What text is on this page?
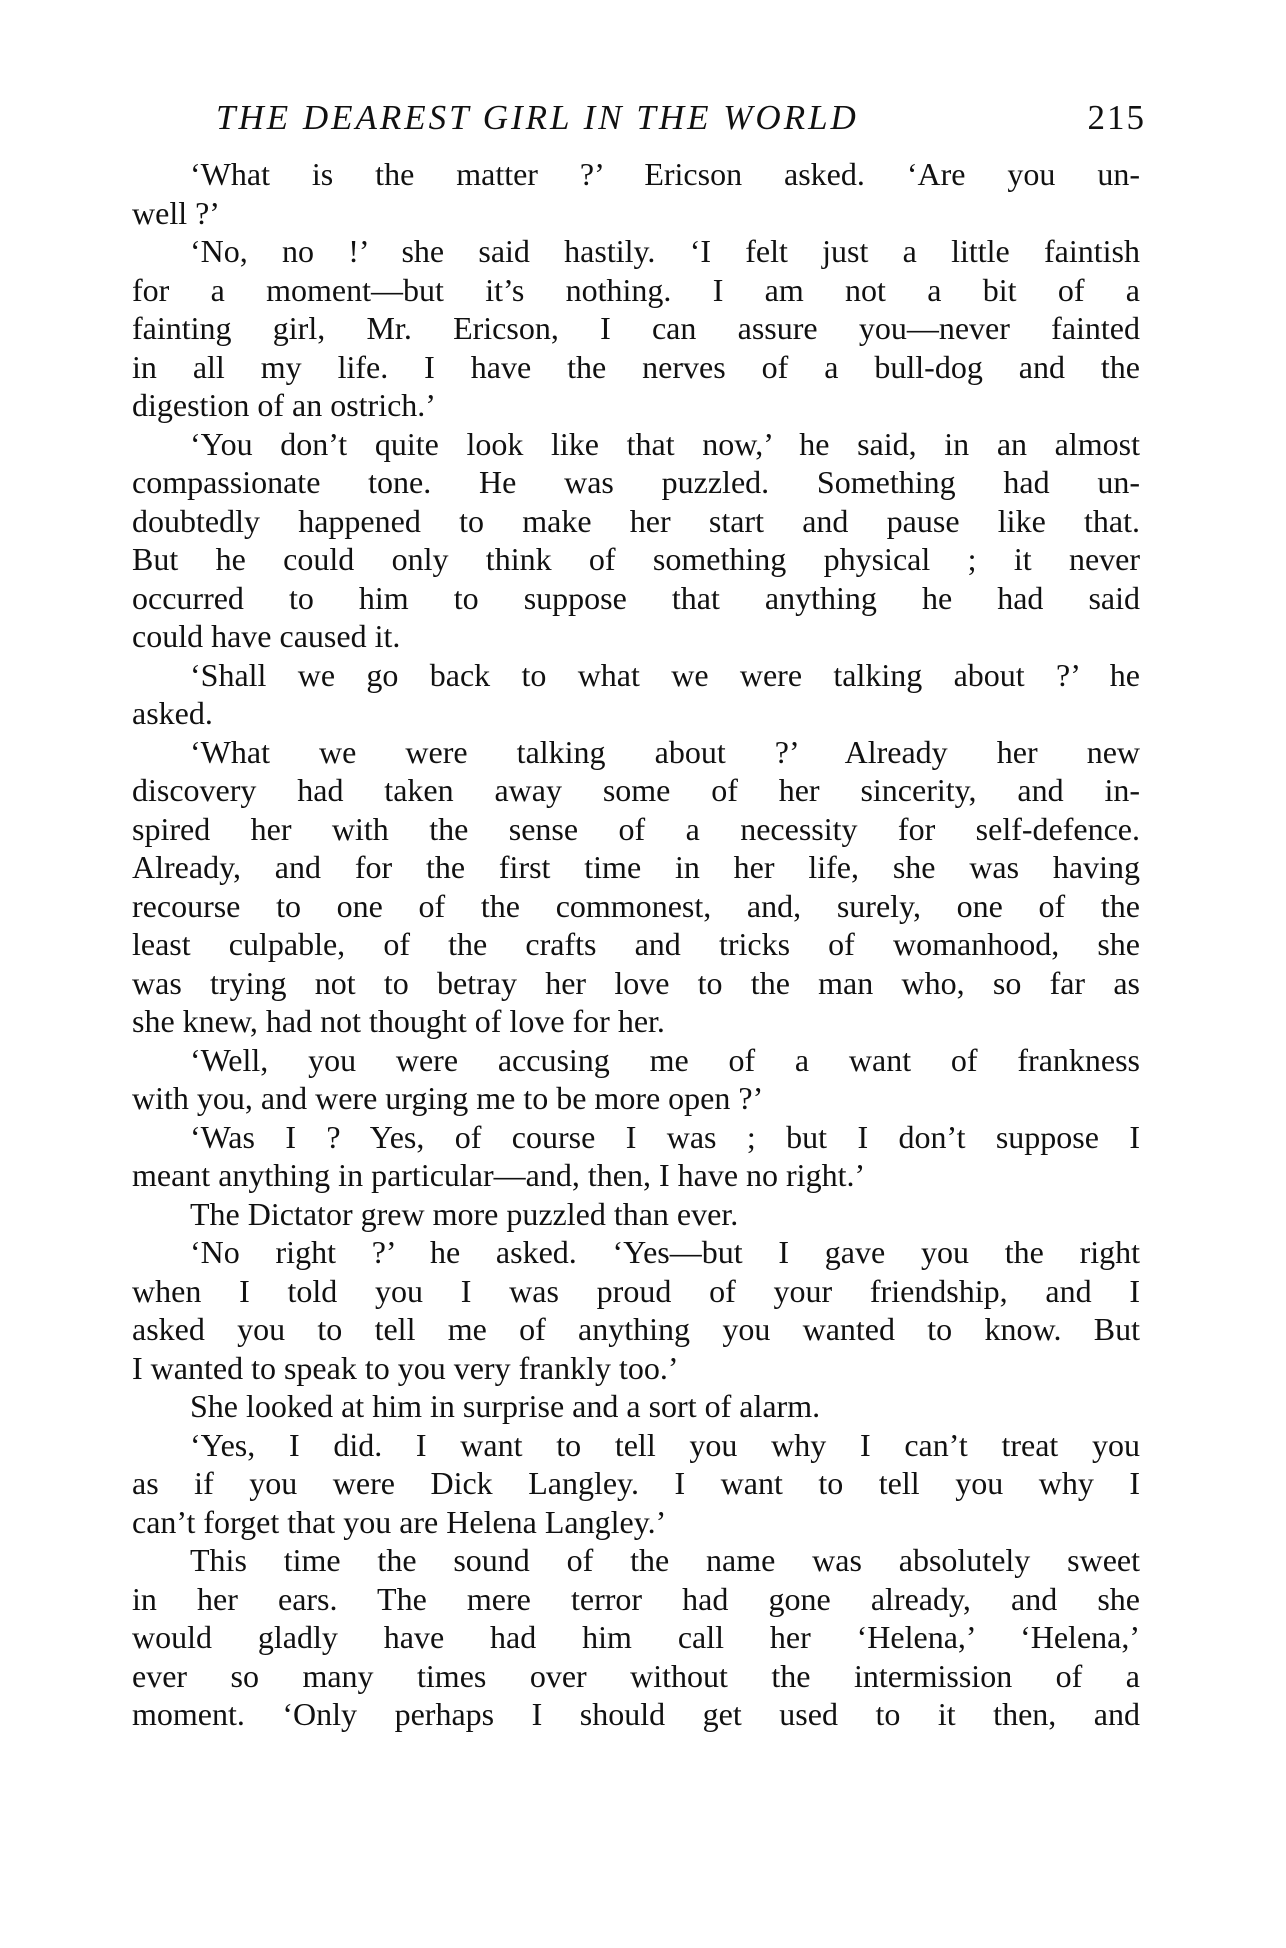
THE DEAREST GIRL IN THE WORLD	215
‘What is the matter ?’ Ericson asked. ‘Are you un-
well ?’
‘No, no !’ she said hastily. ‘I felt just a little faintish
for a moment—but it’s nothing. I am not a bit of a
fainting girl, Mr. Ericson, I can assure you—never fainted
in all my life. I have the nerves of a bull-dog and the
digestion of an ostrich.’
‘You don’t quite look like that now,’ he said, in an almost
compassionate tone. He was puzzled. Something had un-
doubtedly happened to make her start and pause like that.
But he could only think of something physical ; it never
occurred to him to suppose that anything he had said
could have caused it.
‘Shall we go back to what we were talking about ?’ he
asked.
‘What we were talking about ?’ Already her new
discovery had taken away some of her sincerity, and in-
spired her with the sense of a necessity for self-defence.
Already, and for the first time in her life, she was having
recourse to one of the commonest, and, surely, one of the
least culpable, of the crafts and tricks of womanhood, she
was trying not to betray her love to the man who, so far as
she knew, had not thought of love for her.
‘Well, you were accusing me of a want of frankness
with you, and were urging me to be more open ?’
‘Was I ? Yes, of course I was ; but I don’t suppose I
meant anything in particular—and, then, I have no right.’
The Dictator grew more puzzled than ever.
‘No right ?’ he asked. ‘Yes—but I gave you the right
when I told you I was proud of your friendship, and I
asked you to tell me of anything you wanted to know. But
I wanted to speak to you very frankly too.’
She looked at him in surprise and a sort of alarm.
‘Yes, I did. I want to tell you why I can’t treat you
as if you were Dick Langley. I want to tell you why I
can’t forget that you are Helena Langley.’
This time the sound of the name was absolutely sweet
in her ears. The mere terror had gone already, and she
would gladly have had him call her ‘Helena,’ ‘Helena,’
ever so many times over without the intermission of a
moment. ‘Only perhaps I should get used to it then, and
